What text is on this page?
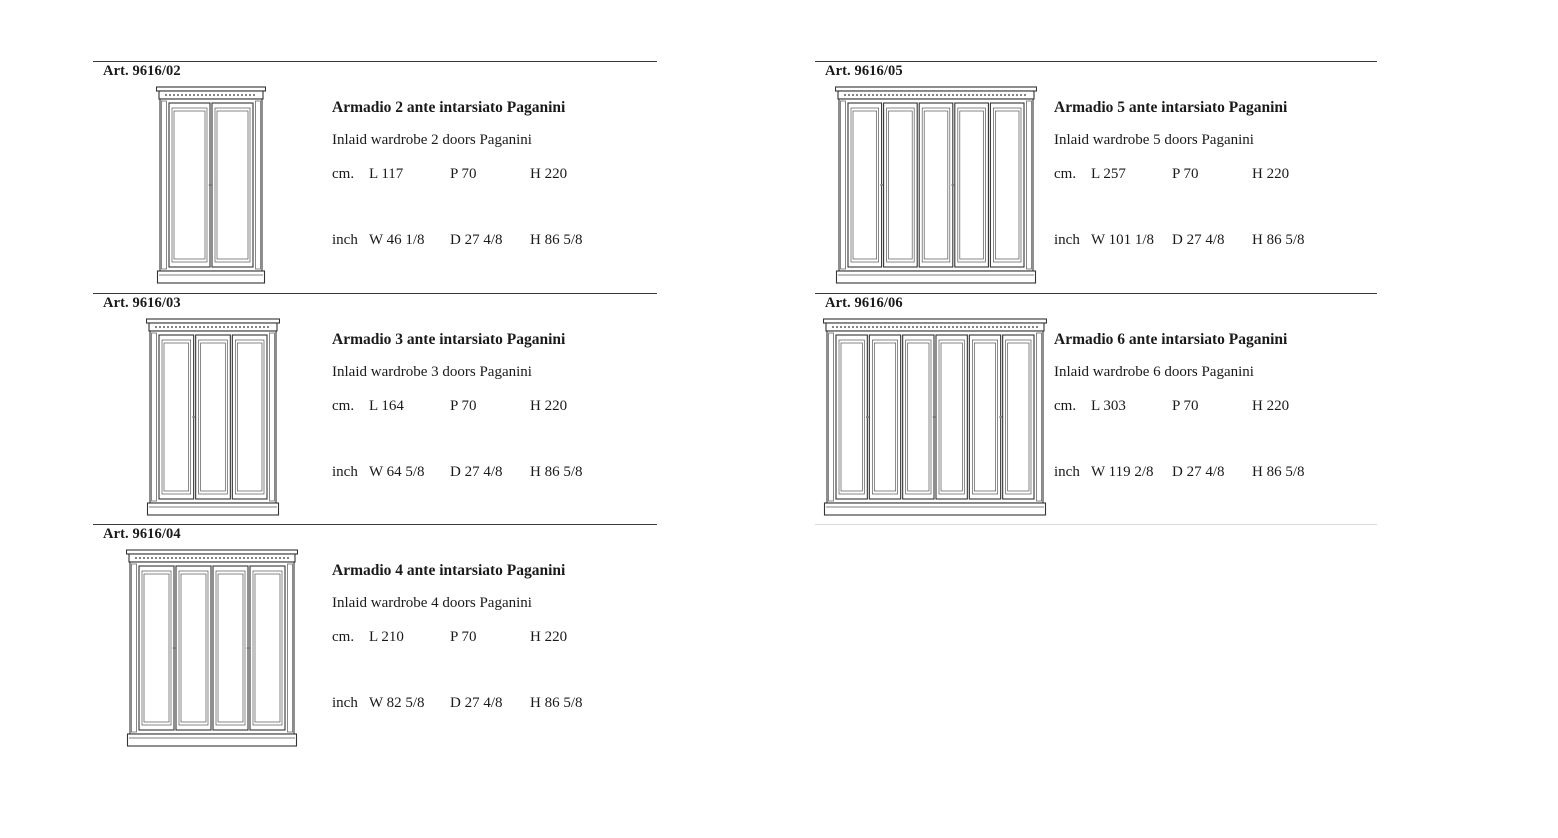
Art. 9616/02
Armadio 2 ante intarsiato Paganini
Inlaid wardrobe 2 doors Paganini
cm. L 117	P 70	H 220
inch W 46 1/8 D 27 4/8 H 86 5/8
Art. 9616/03
Armadio 3 ante intarsiato Paganini
Inlaid wardrobe 3 doors Paganini
cm. L 164	P 70	H 220
inch W 64 5/8 D 27 4/8 H 86 5/8
Art. 9616/04
Armadio 4 ante intarsiato Paganini
Inlaid wardrobe 4 doors Paganini
cm. L 210	P 70	H 220
inch W 82 5/8 D 27 4/8 H 86 5/8
Art. 9616/05
Armadio 5 ante intarsiato Paganini
Inlaid wardrobe 5 doors Paganini
cm. L 257	P 70	H 220
inch W 101 1/8 D 27 4/8 H 86 5/8
Art. 9616/06
Armadio 6 ante intarsiato Paganini
Inlaid wardrobe 6 doors Paganini
cm. L 303	P 70	H 220
inch W 119 2/8 D 27 4/8 H 86 5/8
